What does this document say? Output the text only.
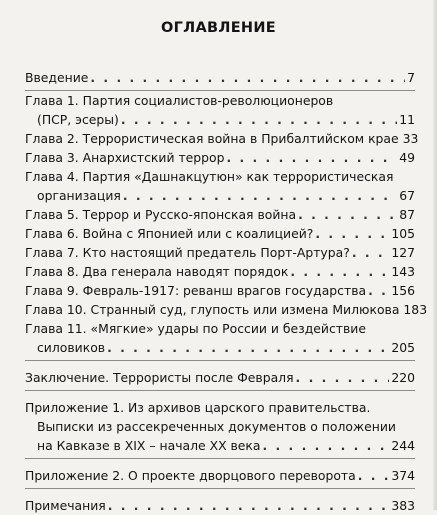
ОГЛАВЛЕНИЕ
Введение . . .	7
Глава 1. Партия социалистов-революционеров
(ПСР, эсеры) . . .	11
Глава 2. Террористическая война в Прибалтийском крае 33
Глава 3. Анархистский террор . . .	49
Глава 4. Партия «Дашнакцутюн» как террористическая
организация . . .	67
Глава 5. Террор и Русско-японская война . . .	87
Глава 6. Война с Японией или с коалицией? . . .	105
Глава 7. Кто настоящий предатель Порт-Артура? . . .	127
Глава 8. Два генерала наводят порядок . . .	143
Глава 9. Февраль-1917: реванш врагов государства . . . 156
Глава 10. Странный суд, глупость или измена Милюкова 183
Глава 11. «Мягкие» удары по России и бездействие
силовиков . . .	205
Заключение. Террористы после Февраля . . .	220
Приложение 1. Из архивов царского правительства.
Выписки из рассекреченных документов о положении
на Кавказе в XIX – начале XX века . . .	244
Приложение 2. О проекте дворцового переворота . . .	374
Примечания . . .	383
